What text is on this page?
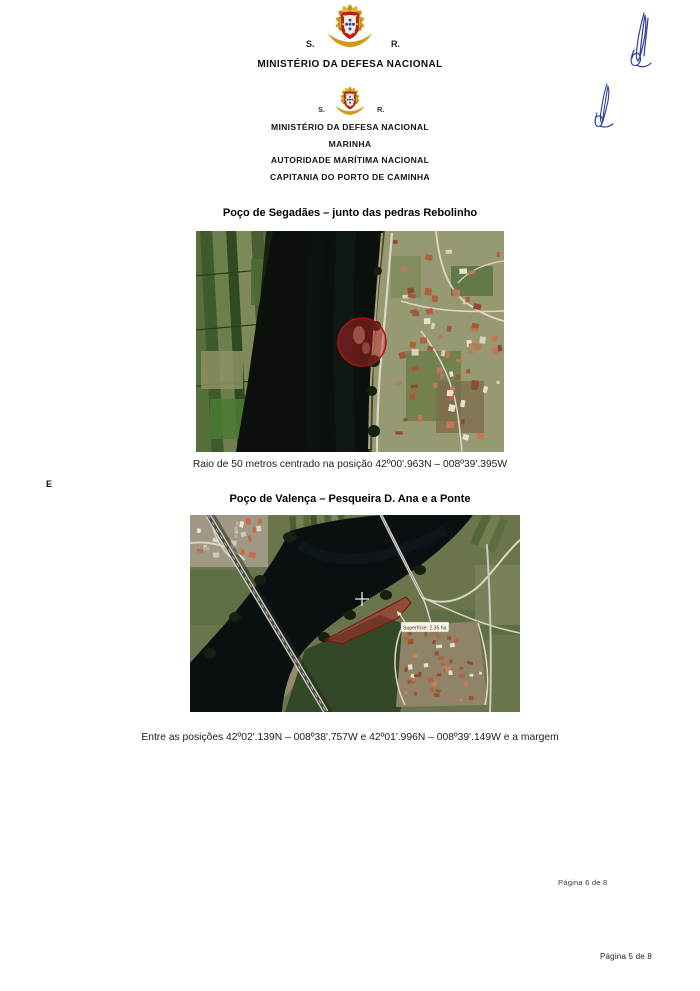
S.	R.
MINISTÉRIO DA DEFESA NACIONAL
S.	R.
MINISTÉRIO DA DEFESA NACIONAL
MARINHA
AUTORIDADE MARÍTIMA NACIONAL
CAPITANIA DO PORTO DE CAMINHA
Poço de Segadães – junto das pedras Rebolinho
Raio de 50 metros centrado na posição 42º00'.963N – 008º39'.395W
E
Poço de Valença – Pesqueira D. Ana e a Ponte
Superfície: 2.35 ha
Entre as posições 42º02'.139N – 008º38'.757W e 42º01'.996N – 008º39'.149W e a margem
Página 6 de 8
Página 5 de 8
